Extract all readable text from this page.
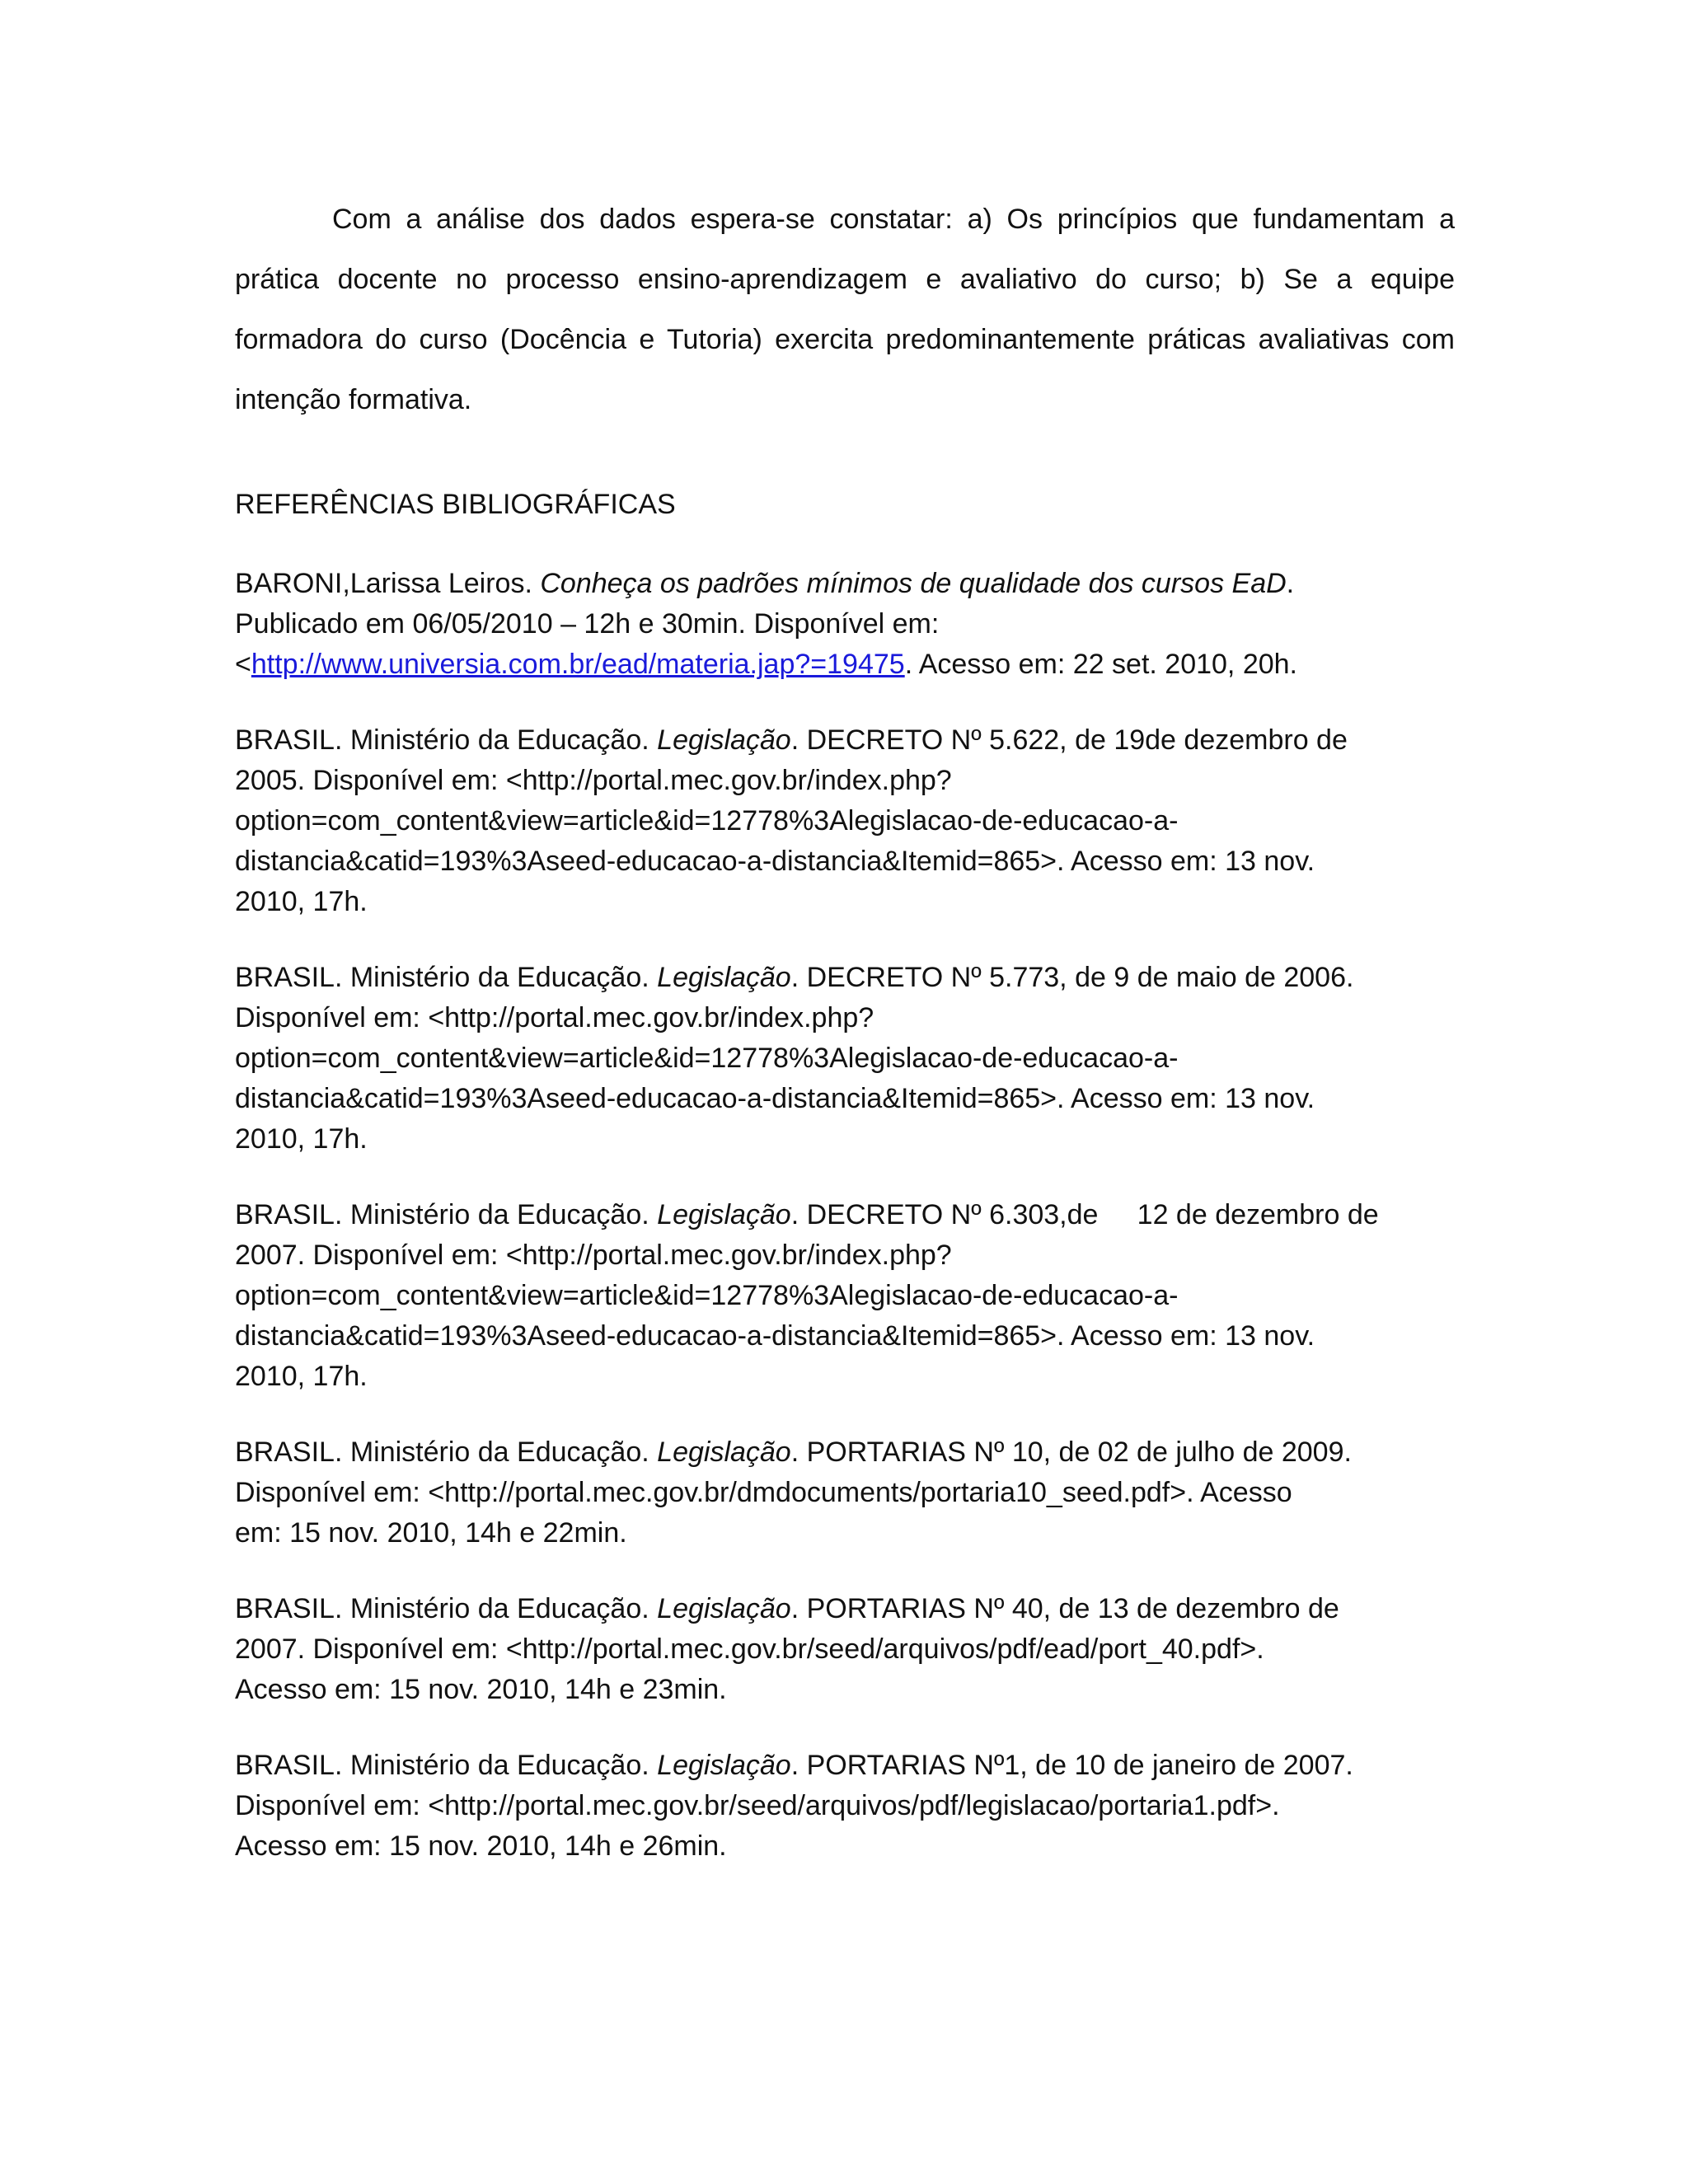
Com a análise dos dados espera-se constatar: a) Os princípios que fundamentam a prática docente no processo ensino-aprendizagem e avaliativo do curso; b) Se a equipe formadora do curso (Docência e Tutoria) exercita predominantemente práticas avaliativas com intenção formativa.

REFERÊNCIAS BIBLIOGRÁFICAS
BARONI,Larissa Leiros. Conheça os padrões mínimos de qualidade dos cursos EaD.
Publicado em 06/05/2010 – 12h e 30min. Disponível em:
<http://www.universia.com.br/ead/materia.jap?=19475. Acesso em: 22 set. 2010, 20h.
BRASIL. Ministério da Educação. Legislação. DECRETO Nº 5.622, de 19de dezembro de
2005. Disponível em: <http://portal.mec.gov.br/index.php?
option=com_content&view=article&id=12778%3Alegislacao-de-educacao-a-
distancia&catid=193%3Aseed-educacao-a-distancia&Itemid=865>. Acesso em: 13 nov.
2010, 17h.
BRASIL. Ministério da Educação. Legislação. DECRETO Nº 5.773, de 9 de maio de 2006.
Disponível em: <http://portal.mec.gov.br/index.php?
option=com_content&view=article&id=12778%3Alegislacao-de-educacao-a-
distancia&catid=193%3Aseed-educacao-a-distancia&Itemid=865>. Acesso em: 13 nov.
2010, 17h.
BRASIL. Ministério da Educação. Legislação. DECRETO Nº 6.303,de     12 de dezembro de
2007. Disponível em: <http://portal.mec.gov.br/index.php?
option=com_content&view=article&id=12778%3Alegislacao-de-educacao-a-
distancia&catid=193%3Aseed-educacao-a-distancia&Itemid=865>. Acesso em: 13 nov.
2010, 17h.
BRASIL. Ministério da Educação. Legislação. PORTARIAS Nº 10, de 02 de julho de 2009.
Disponível em: <http://portal.mec.gov.br/dmdocuments/portaria10_seed.pdf>. Acesso
em: 15 nov. 2010, 14h e 22min.
BRASIL. Ministério da Educação. Legislação. PORTARIAS Nº 40, de 13 de dezembro de
2007. Disponível em: <http://portal.mec.gov.br/seed/arquivos/pdf/ead/port_40.pdf>.
Acesso em: 15 nov. 2010, 14h e 23min.
BRASIL. Ministério da Educação. Legislação. PORTARIAS Nº1, de 10 de janeiro de 2007.
Disponível em: <http://portal.mec.gov.br/seed/arquivos/pdf/legislacao/portaria1.pdf>.
Acesso em: 15 nov. 2010, 14h e 26min.
